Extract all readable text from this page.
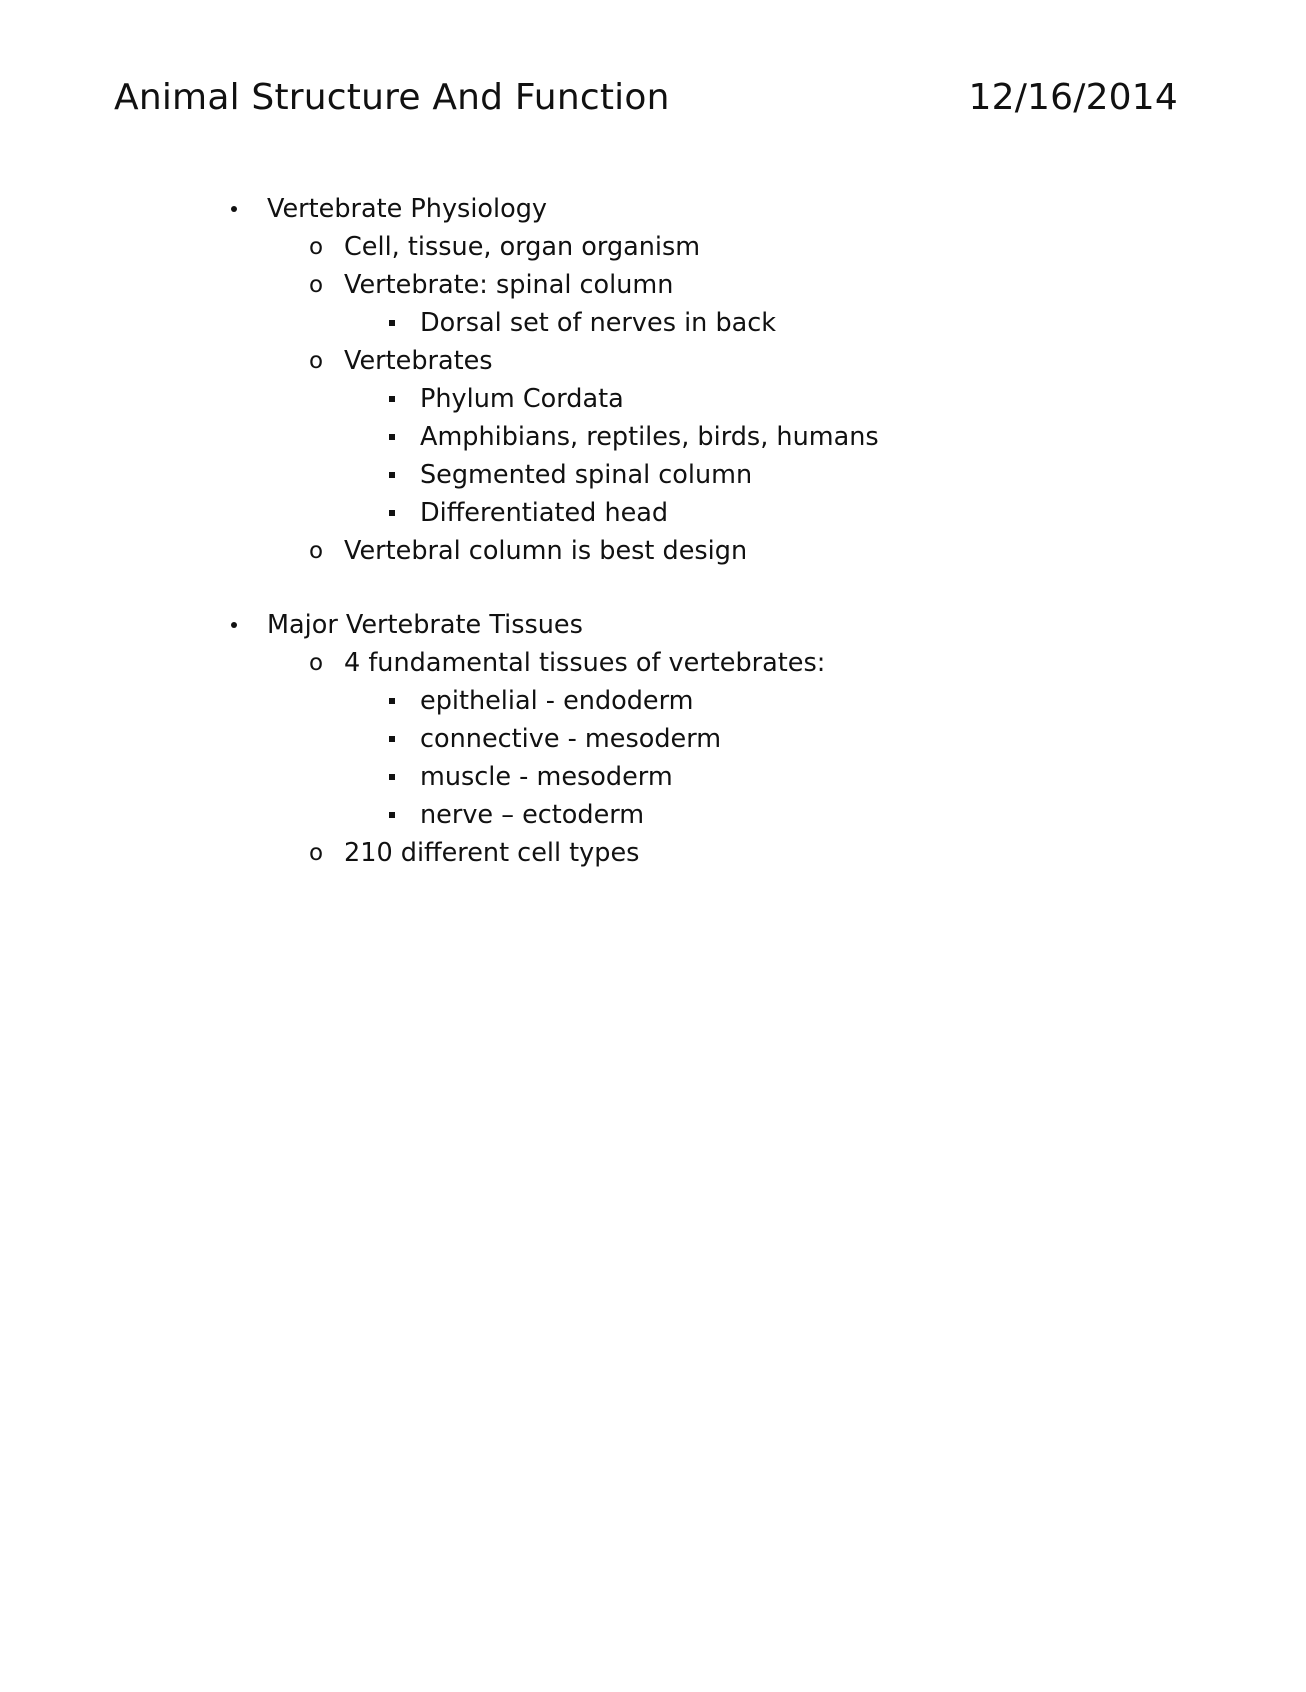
Animal Structure And Function	12/16/2014
Vertebrate Physiology
o Cell, tissue, organ organism
o Vertebrate: spinal column
Dorsal set of nerves in back
o Vertebrates
Phylum Cordata
Amphibians, reptiles, birds, humans
Segmented spinal column
Differentiated head
o Vertebral column is best design
Major Vertebrate Tissues
o 4 fundamental tissues of vertebrates:
epithelial - endoderm
connective - mesoderm
muscle - mesoderm
nerve – ectoderm
o 210 different cell types
